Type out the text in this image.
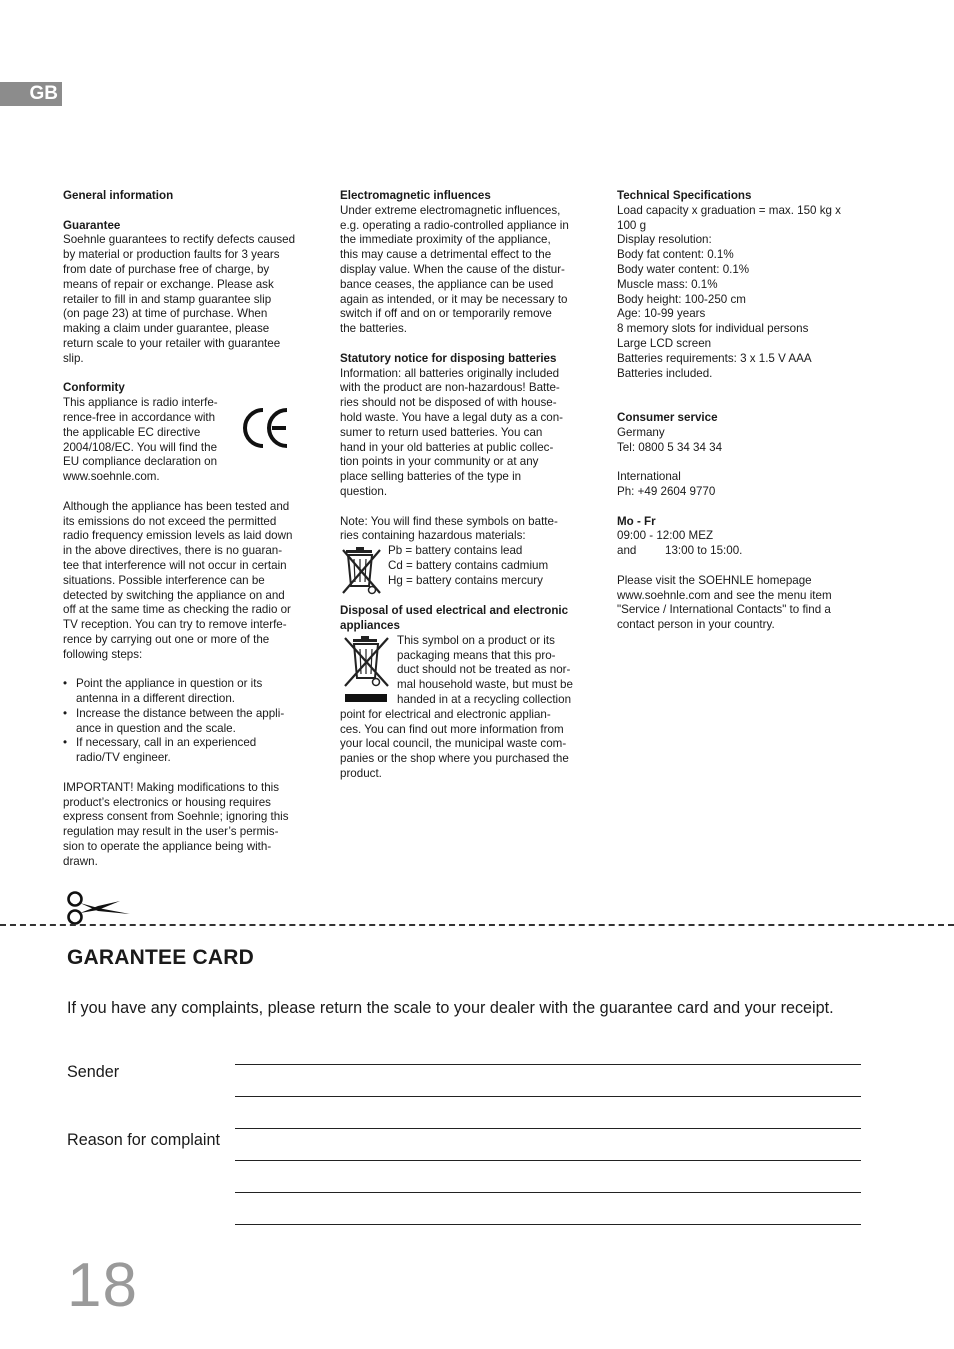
GB

General information

Guarantee

Soehnle guarantees to rectify defects caused

by material or production faults for 3 years

from date of purchase free of charge, by

means of repair or exchange. Please ask

retailer to fill in and stamp guarantee slip

(on page 23) at time of purchase. When

making a claim under guarantee, please

return scale to your retailer with guarantee

slip.

Conformity

This appliance is radio interfe-

rence-free in accordance with

the applicable EC directive

2004/108/EC. You will find the

EU compliance declaration on

www.soehnle.com.

Although the appliance has been tested and

its emissions do not exceed the permitted

radio frequency emission levels as laid down

in the above directives, there is no guaran-

tee that interference will not occur in certain

situations. Possible interference can be

detected by switching the appliance on and

off at the same time as checking the radio or

TV reception. You can try to remove interfe-

rence by carrying out one or more of the

following steps:

• Point the appliance in question or its

antenna in a different direction.

• Increase the distance between the appli-

ance in question and the scale.

• If necessary, call in an experienced

radio/TV engineer.

IMPORTANT! Making modifications to this

product’s electronics or housing requires

express consent from Soehnle; ignoring this

regulation may result in the user’s permis-

sion to operate the appliance being with-

drawn.

Electromagnetic influences

Under extreme electromagnetic influences,

e.g. operating a radio-controlled appliance in

the immediate proximity of the appliance,

this may cause a detrimental effect to the

display value. When the cause of the distur-

bance ceases, the appliance can be used

again as intended, or it may be necessary to

switch if off and on or temporarily remove

the batteries.

Statutory notice for disposing batteries

Information: all batteries originally included

with the product are non-hazardous! Batte-

ries should not be disposed of with house-

hold waste. You have a legal duty as a con-

sumer to return used batteries. You can

hand in your old batteries at public collec-

tion points in your community or at any

place selling batteries of the type in

question.

Note: You will find these symbols on batte-

ries containing hazardous materials:

Pb = battery contains lead

Cd = battery contains cadmium

Hg = battery contains mercury

Disposal of used electrical and electronic

appliances

This symbol on a product or its

packaging means that this pro-

duct should not be treated as nor-

mal household waste, but must be

handed in at a recycling collection

point for electrical and electronic applian-

ces. You can find out more information from

your local council, the municipal waste com-

panies or the shop where you purchased the

product.

Technical Specifications

Load capacity x graduation = max. 150 kg x

100 g

Display resolution:

Body fat content: 0.1%

Body water content: 0.1%

Muscle mass: 0.1%

Body height: 100-250 cm

Age: 10-99 years

8 memory slots for individual persons

Large LCD screen

Batteries requirements: 3 x 1.5 V AAA

Batteries included.

Consumer service

Germany

Tel: 0800 5 34 34 34

International

Ph: +49 2604 9770

Mo - Fr

09:00 - 12:00 MEZ

and 13:00 to 15:00.

Please visit the SOEHNLE homepage

www.soehnle.com and see the menu item

"Service / International Contacts" to find a

contact person in your country.

GARANTEE CARD
If you have any complaints, please return the scale to your dealer with the guarantee card and your receipt.
Sender
Reason for complaint
18
